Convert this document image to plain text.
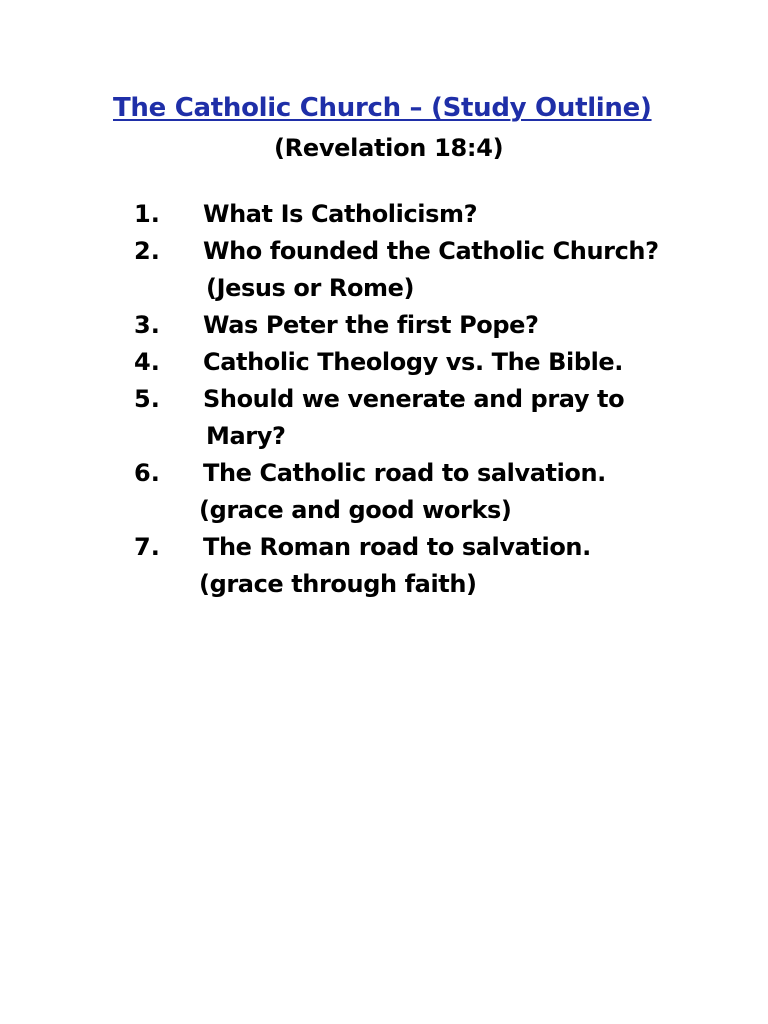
The Catholic Church – (Study Outline)
(Revelation 18:4)
1. What Is Catholicism?
2. Who founded the Catholic Church?
(Jesus or Rome)
3. Was Peter the first Pope?
4. Catholic Theology vs. The Bible.
5. Should we venerate and pray to
Mary?
6. The Catholic road to salvation.
(grace and good works)
7. The Roman road to salvation.
(grace through faith)
